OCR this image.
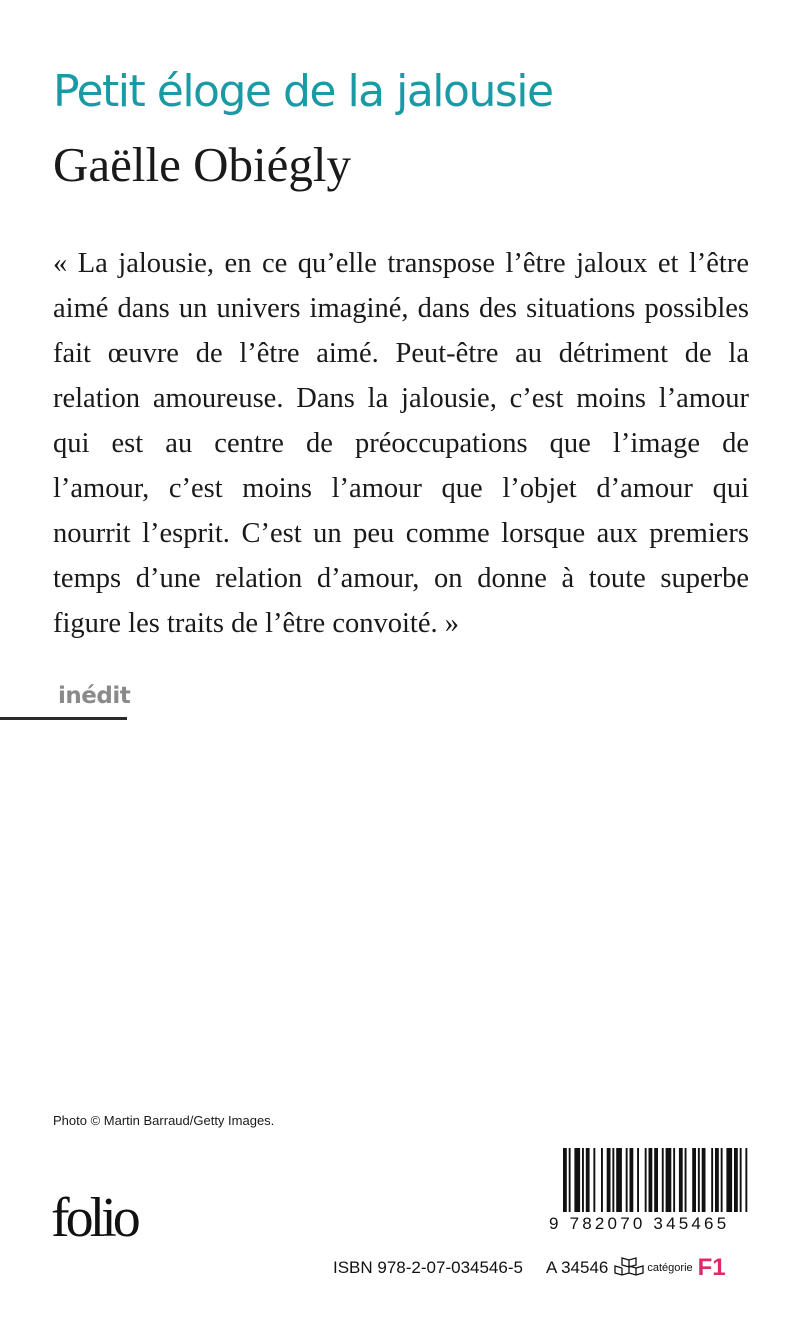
Petit éloge de la jalousie
Gaëlle Obiégly
« La jalousie, en ce qu’elle transpose l’être jaloux et l’être
aimé dans un univers imaginé, dans des situations possibles
fait œuvre de l’être aimé. Peut-être au détriment de la
relation amoureuse. Dans la jalousie, c’est moins l’amour
qui est au centre de préoccupations que l’image de
l’amour, c’est moins l’amour que l’objet d’amour qui
nourrit l’esprit. C’est un peu comme lorsque aux premiers
temps d’une relation d’amour, on donne à toute superbe
figure les traits de l’être convoité. »
inédit
Photo © Martin Barraud/Getty Images.
folio	9 782070 345465
ISBN 978-2-07-034546-5 A 34546	catégorie F1
